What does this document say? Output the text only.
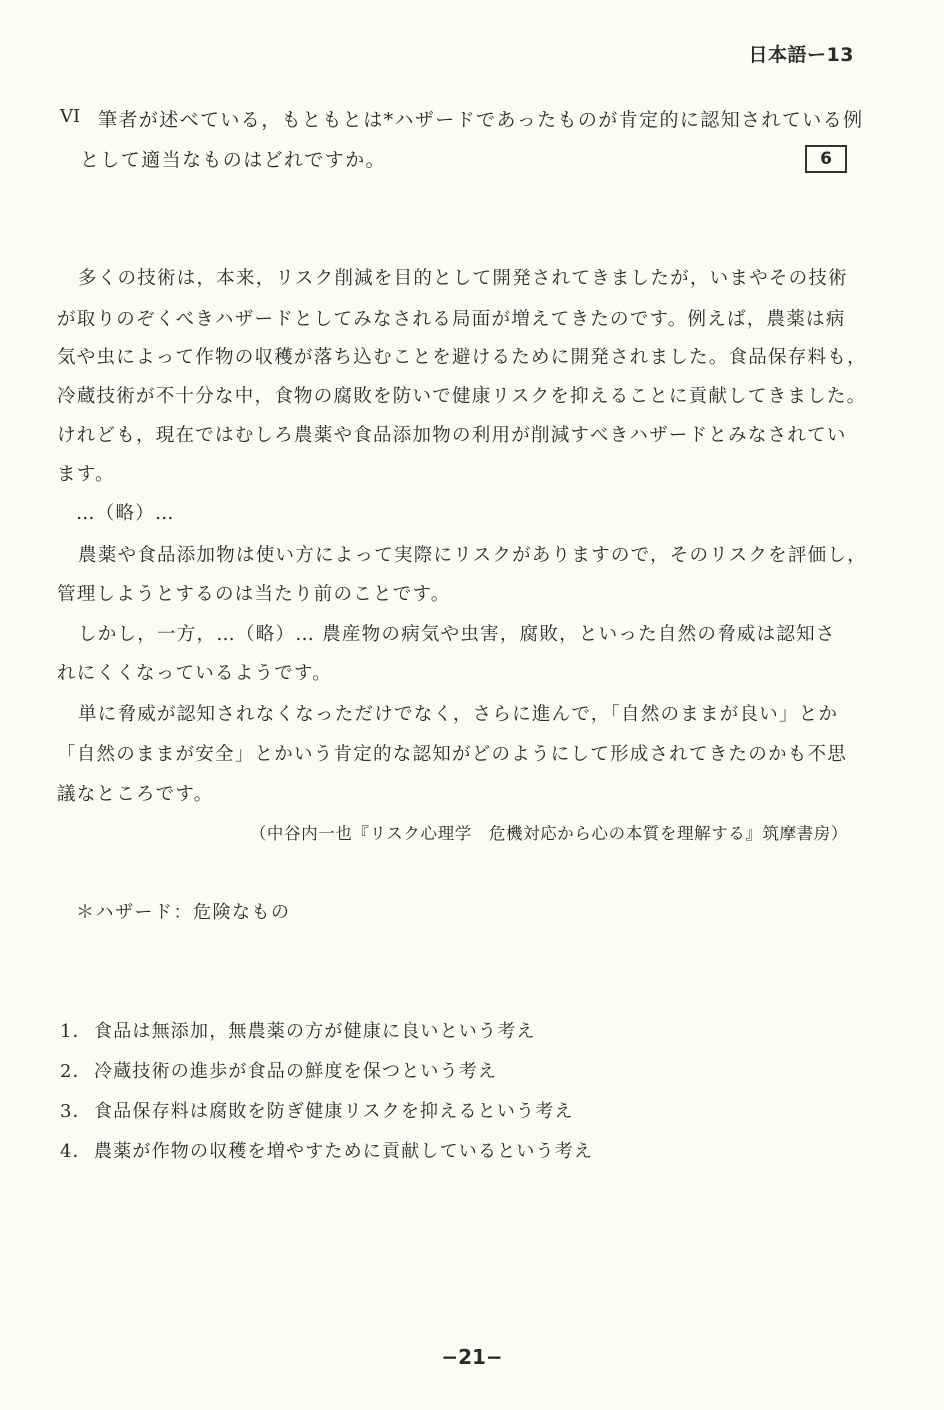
日本語ー13
VI 筆者が述べている，もともとは*ハザードであったものが肯定的に認知されている例
として適当なものはどれですか。	6
多くの技術は，本来，リスク削減を目的として開発されてきましたが，いまやその技術
が取りのぞくべきハザードとしてみなされる局面が増えてきたのです。例えば，農薬は病
気や虫によって作物の収穫が落ち込むことを避けるために開発されました。食品保存料も，
冷蔵技術が不十分な中，食物の腐敗を防いで健康リスクを抑えることに貢献してきました。
けれども，現在ではむしろ農薬や食品添加物の利用が削減すべきハザードとみなされてい
ます。
…（略）…
農薬や食品添加物は使い方によって実際にリスクがありますので，そのリスクを評価し，
管理しようとするのは当たり前のことです。
しかし，一方，…（略）… 農産物の病気や虫害，腐敗，といった自然の脅威は認知さ
れにくくなっているようです。
単に脅威が認知されなくなっただけでなく，さらに進んで，「自然のままが良い」とか
「自然のままが安全」とかいう肯定的な認知がどのようにして形成されてきたのかも不思
議なところです。
（中谷内一也『リスク心理学　危機対応から心の本質を理解する』筑摩書房）
＊ハザード：危険なもの
1． 食品は無添加，無農薬の方が健康に良いという考え
2． 冷蔵技術の進歩が食品の鮮度を保つという考え
3． 食品保存料は腐敗を防ぎ健康リスクを抑えるという考え
4． 農薬が作物の収穫を増やすために貢献しているという考え
−21−
